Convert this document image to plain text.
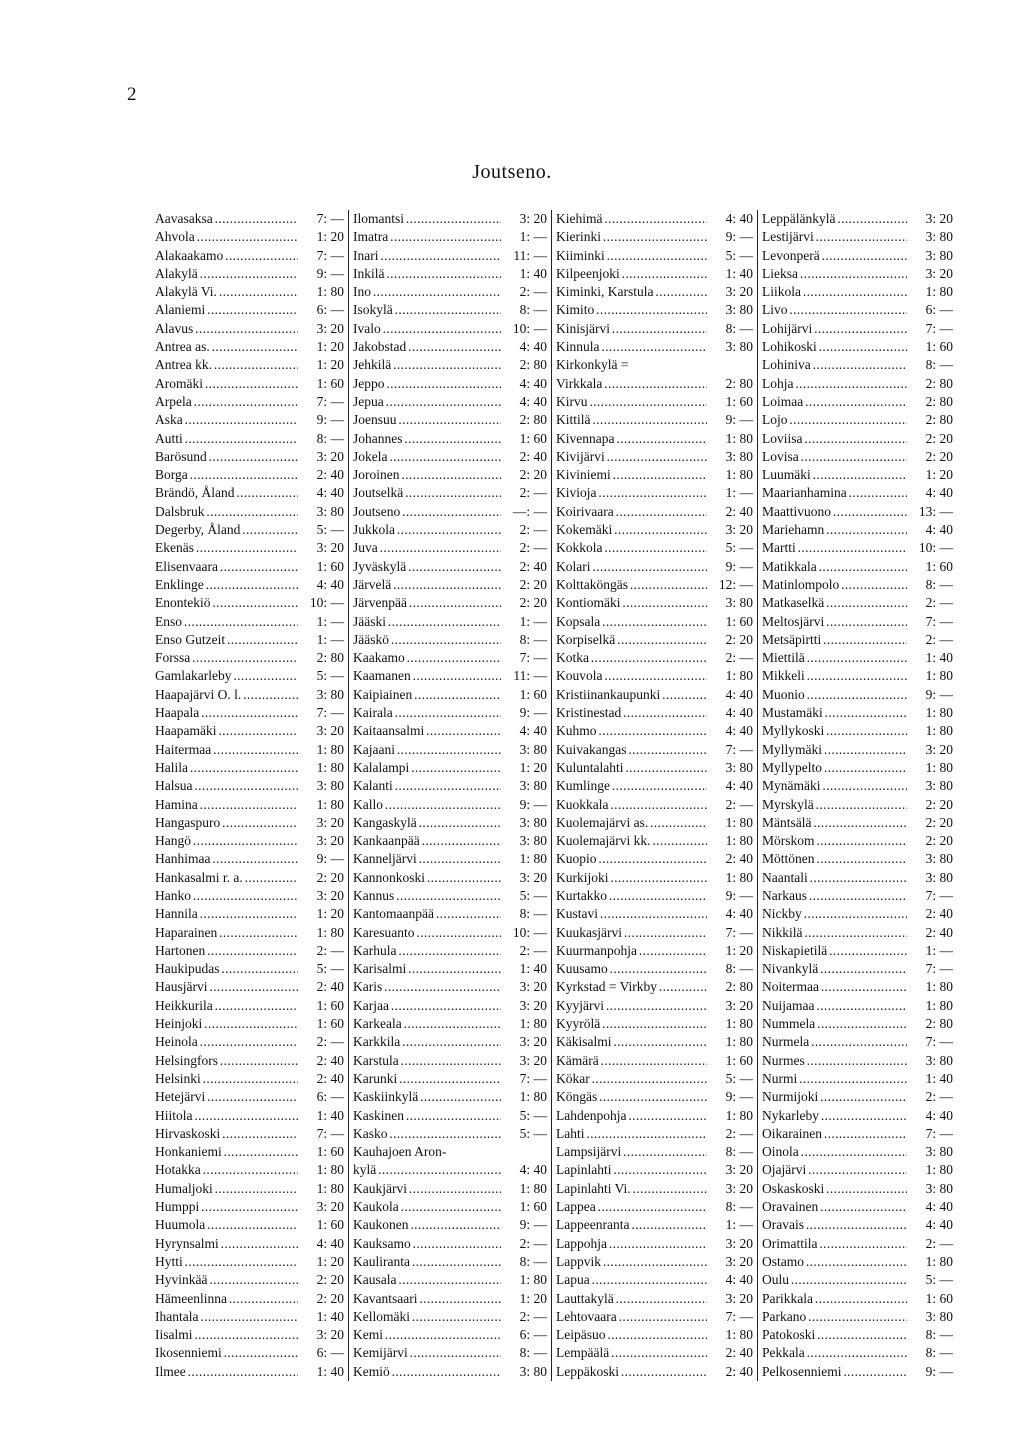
2
Joutseno.
Aavasaksa . . .	7: —
Ahvola . . .	1: 20
Alakaakamo . . .	7: —
Alakylä . . .	9: —
Alakylä Vi. . . .	1: 80
Alaniemi . . .	6: —
Alavus . . .	3: 20
Antrea as. . . .	1: 20
Antrea kk. . . .	1: 20
Aromäki . . .	1: 60
Arpela . . .	7: —
Aska . . .	9: —
Autti . . .	8: —
Barösund . . .	3: 20
Borga . . .	2: 40
Brändö, Åland . . .	4: 40
Dalsbruk . . .	3: 80
Degerby, Åland . . .	5: —
Ekenäs . . .	3: 20
Elisenvaara . . .	1: 60
Enklinge . . .	4: 40
Enontekiö . . .	10: —
Enso . . .	1: —
Enso Gutzeit . . .	1: —
Forssa . . .	2: 80
Gamlakarleby . . .	5: —
Haapajärvi O. l. . . .	3: 80
Haapala . . .	7: —
Haapamäki . . .	3: 20
Haitermaa . . .	1: 80
Halila . . .	1: 80
Halsua . . .	3: 80
Hamina . . .	1: 80
Hangaspuro . . .	3: 20
Hangö . . .	3: 20
Hanhimaa . . .	9: —
Hankasalmi r. a. . . .	2: 20
Hanko . . .	3: 20
Hannila . . .	1: 20
Haparainen . . .	1: 80
Hartonen . . .	2: —
Haukipudas . . .	5: —
Hausjärvi . . .	2: 40
Heikkurila . . .	1: 60
Heinjoki . . .	1: 60
Heinola . . .	2: —
Helsingfors . . .	2: 40
Helsinki . . .	2: 40
Hetejärvi . . .	6: —
Hiitola . . .	1: 40
Hirvaskoski . . .	7: —
Honkaniemi . . .	1: 60
Hotakka . . .	1: 80
Humaljoki . . .	1: 80
Humppi . . .	3: 20
Huumola . . .	1: 60
Hyrynsalmi . . .	4: 40
Hytti . . .	1: 20
Hyvinkää . . .	2: 20
Hämeenlinna . . .	2: 20
Ihantala . . .	1: 40
Iisalmi . . .	3: 20
Ikosenniemi . . .	6: —
Ilmee . . .	1: 40
Ilomantsi . . .	3: 20
Imatra . . .	1: —
Inari . . .	11: —
Inkilä . . .	1: 40
Ino . . .	2: —
Isokylä . . .	8: —
Ivalo . . .	10: —
Jakobstad . . .	4: 40
Jehkilä . . .	2: 80
Jeppo . . .	4: 40
Jepua . . .	4: 40
Joensuu . . .	2: 80
Johannes . . .	1: 60
Jokela . . .	2: 40
Joroinen . . .	2: 20
Joutselkä . . .	2: —
Joutseno . . .	—: —
Jukkola . . .	2: —
Juva . . .	2: —
Jyväskylä . . .	2: 40
Järvelä . . .	2: 20
Järvenpää . . .	2: 20
Jääski . . .	1: —
Jääskö . . .	8: —
Kaakamo . . .	7: —
Kaamanen . . .	11: —
Kaipiainen . . .	1: 60
Kairala . . .	9: —
Kaitaansalmi . . .	4: 40
Kajaani . . .	3: 80
Kalalampi . . .	1: 20
Kalanti . . .	3: 80
Kallo . . .	9: —
Kangaskylä . . .	3: 80
Kankaanpää . . .	3: 80
Kanneljärvi . . .	1: 80
Kannonkoski . . .	3: 20
Kannus . . .	5: —
Kantomaanpää . . .	8: —
Karesuanto . . .	10: —
Karhula . . .	2: —
Karisalmi . . .	1: 40
Karis . . .	3: 20
Karjaa . . .	3: 20
Karkeala . . .	1: 80
Karkkila . . .	3: 20
Karstula . . .	3: 20
Karunki . . .	7: —
Kaskiinkylä . . .	1: 80
Kaskinen . . .	5: —
Kasko . . .	5: —
Kauhajoen Aron-
kylä . . .	4: 40
Kaukjärvi . . .	1: 80
Kaukola . . .	1: 60
Kaukonen . . .	9: —
Kauksamo . . .	2: —
Kauliranta . . .	8: —
Kausala . . .	1: 80
Kavantsaari . . .	1: 20
Kellomäki . . .	2: —
Kemi . . .	6: —
Kemijärvi . . .	8: —
Kemiö . . .	3: 80
Kiehimä . . .	4: 40
Kierinki . . .	9: —
Kiiminki . . .	5: —
Kilpeenjoki . . .	1: 40
Kiminki, Karstula . . .	3: 20
Kimito . . .	3: 80
Kinisjärvi . . .	8: —
Kinnula . . .	3: 80
Kirkonkylä =
Virkkala . . .	2: 80
Kirvu . . .	1: 60
Kittilä . . .	9: —
Kivennapa . . .	1: 80
Kivijärvi . . .	3: 80
Kiviniemi . . .	1: 80
Kivioja . . .	1: —
Koirivaara . . .	2: 40
Kokemäki . . .	3: 20
Kokkola . . .	5: —
Kolari . . .	9: —
Kolttaköngäs . . .	12: —
Kontiomäki . . .	3: 80
Kopsala . . .	1: 60
Korpiselkä . . .	2: 20
Kotka . . .	2: —
Kouvola . . .	1: 80
Kristiinankaupunki . . .	4: 40
Kristinestad . . .	4: 40
Kuhmo . . .	4: 40
Kuivakangas . . .	7: —
Kuluntalahti . . .	3: 80
Kumlinge . . .	4: 40
Kuokkala . . .	2: —
Kuolemajärvi as. . . .	1: 80
Kuolemajärvi kk. . . .	1: 80
Kuopio . . .	2: 40
Kurkijoki . . .	1: 80
Kurtakko . . .	9: —
Kustavi . . .	4: 40
Kuukasjärvi . . .	7: —
Kuurmanpohja . . .	1: 20
Kuusamo . . .	8: —
Kyrkstad = Virkby . . .	2: 80
Kyyjärvi . . .	3: 20
Kyyrölä . . .	1: 80
Käkisalmi . . .	1: 80
Kämärä . . .	1: 60
Kökar . . .	5: —
Köngäs . . .	9: —
Lahdenpohja . . .	1: 80
Lahti . . .	2: —
Lampsijärvi . . .	8: —
Lapinlahti . . .	3: 20
Lapinlahti Vi. . . .	3: 20
Lappea . . .	8: —
Lappeenranta . . .	1: —
Lappohja . . .	3: 20
Lappvik . . .	3: 20
Lapua . . .	4: 40
Lauttakylä . . .	3: 20
Lehtovaara . . .	7: —
Leipäsuo . . .	1: 80
Lempäälä . . .	2: 40
Leppäkoski . . .	2: 40
Leppälänkylä . . .	3: 20
Lestijärvi . . .	3: 80
Levonperä . . .	3: 80
Lieksa . . .	3: 20
Liikola . . .	1: 80
Livo . . .	6: —
Lohijärvi . . .	7: —
Lohikoski . . .	1: 60
Lohiniva . . .	8: —
Lohja . . .	2: 80
Loimaa . . .	2: 80
Lojo . . .	2: 80
Loviisa . . .	2: 20
Lovisa . . .	2: 20
Luumäki . . .	1: 20
Maarianhamina . . .	4: 40
Maattivuono . . .	13: —
Mariehamn . . .	4: 40
Martti . . .	10: —
Matikkala . . .	1: 60
Matinlompolo . . .	8: —
Matkaselkä . . .	2: —
Meltosjärvi . . .	7: —
Metsäpirtti . . .	2: —
Miettilä . . .	1: 40
Mikkeli . . .	1: 80
Muonio . . .	9: —
Mustamäki . . .	1: 80
Myllykoski . . .	1: 80
Myllymäki . . .	3: 20
Myllypelto . . .	1: 80
Mynämäki . . .	3: 80
Myrskylä . . .	2: 20
Mäntsälä . . .	2: 20
Mörskom . . .	2: 20
Möttönen . . .	3: 80
Naantali . . .	3: 80
Narkaus . . .	7: —
Nickby . . .	2: 40
Nikkilä . . .	2: 40
Niskapietilä . . .	1: —
Nivankylä . . .	7: —
Noitermaa . . .	1: 80
Nuijamaa . . .	1: 80
Nummela . . .	2: 80
Nurmela . . .	7: —
Nurmes . . .	3: 80
Nurmi . . .	1: 40
Nurmijoki . . .	2: —
Nykarleby . . .	4: 40
Oikarainen . . .	7: —
Oinola . . .	3: 80
Ojajärvi . . .	1: 80
Oskaskoski . . .	3: 80
Oravainen . . .	4: 40
Oravais . . .	4: 40
Orimattila . . .	2: —
Ostamo . . .	1: 80
Oulu . . .	5: —
Parikkala . . .	1: 60
Parkano . . .	3: 80
Patokoski . . .	8: —
Pekkala . . .	8: —
Pelkosenniemi . . .	9: —
